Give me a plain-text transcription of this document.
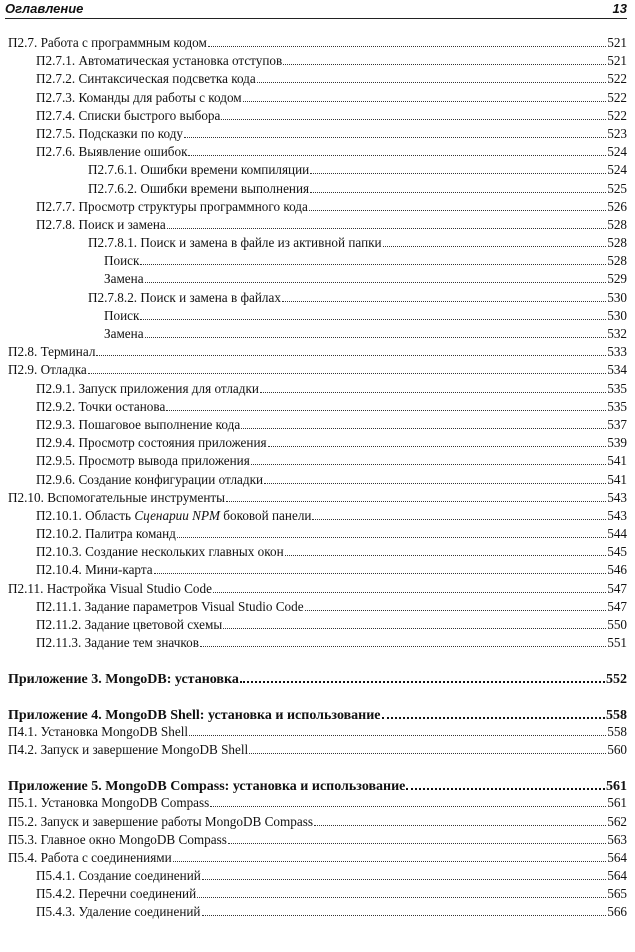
Оглавление	13
П2.7. Работа с программным кодом	521
П2.7.1. Автоматическая установка отступов	521
П2.7.2. Синтаксическая подсветка кода	522
П2.7.3. Команды для работы с кодом	522
П2.7.4. Списки быстрого выбора	522
П2.7.5. Подсказки по коду	523
П2.7.6. Выявление ошибок	524
П2.7.6.1. Ошибки времени компиляции	524
П2.7.6.2. Ошибки времени выполнения	525
П2.7.7. Просмотр структуры программного кода	526
П2.7.8. Поиск и замена	528
П2.7.8.1. Поиск и замена в файле из активной папки	528
Поиск	528
Замена	529
П2.7.8.2. Поиск и замена в файлах	530
Поиск	530
Замена	532
П2.8. Терминал	533
П2.9. Отладка	534
П2.9.1. Запуск приложения для отладки	535
П2.9.2. Точки останова	535
П2.9.3. Пошаговое выполнение кода	537
П2.9.4. Просмотр состояния приложения	539
П2.9.5. Просмотр вывода приложения	541
П2.9.6. Создание конфигурации отладки	541
П2.10. Вспомогательные инструменты	543
П2.10.1. Область Сценарии NPM боковой панели	543
П2.10.2. Палитра команд	544
П2.10.3. Создание нескольких главных окон	545
П2.10.4. Мини-карта	546
П2.11. Настройка Visual Studio Code	547
П2.11.1. Задание параметров Visual Studio Code	547
П2.11.2. Задание цветовой схемы	550
П2.11.3. Задание тем значков	551
Приложение 3. MongoDB: установка	552
Приложение 4. MongoDB Shell: установка и использование	558
П4.1. Установка MongoDB Shell	558
П4.2. Запуск и завершение MongoDB Shell	560
Приложение 5. MongoDB Compass: установка и использование	561
П5.1. Установка MongoDB Compass	561
П5.2. Запуск и завершение работы MongoDB Compass	562
П5.3. Главное окно MongoDB Compass	563
П5.4. Работа с соединениями	564
П5.4.1. Создание соединений	564
П5.4.2. Перечни соединений	565
П5.4.3. Удаление соединений	566
